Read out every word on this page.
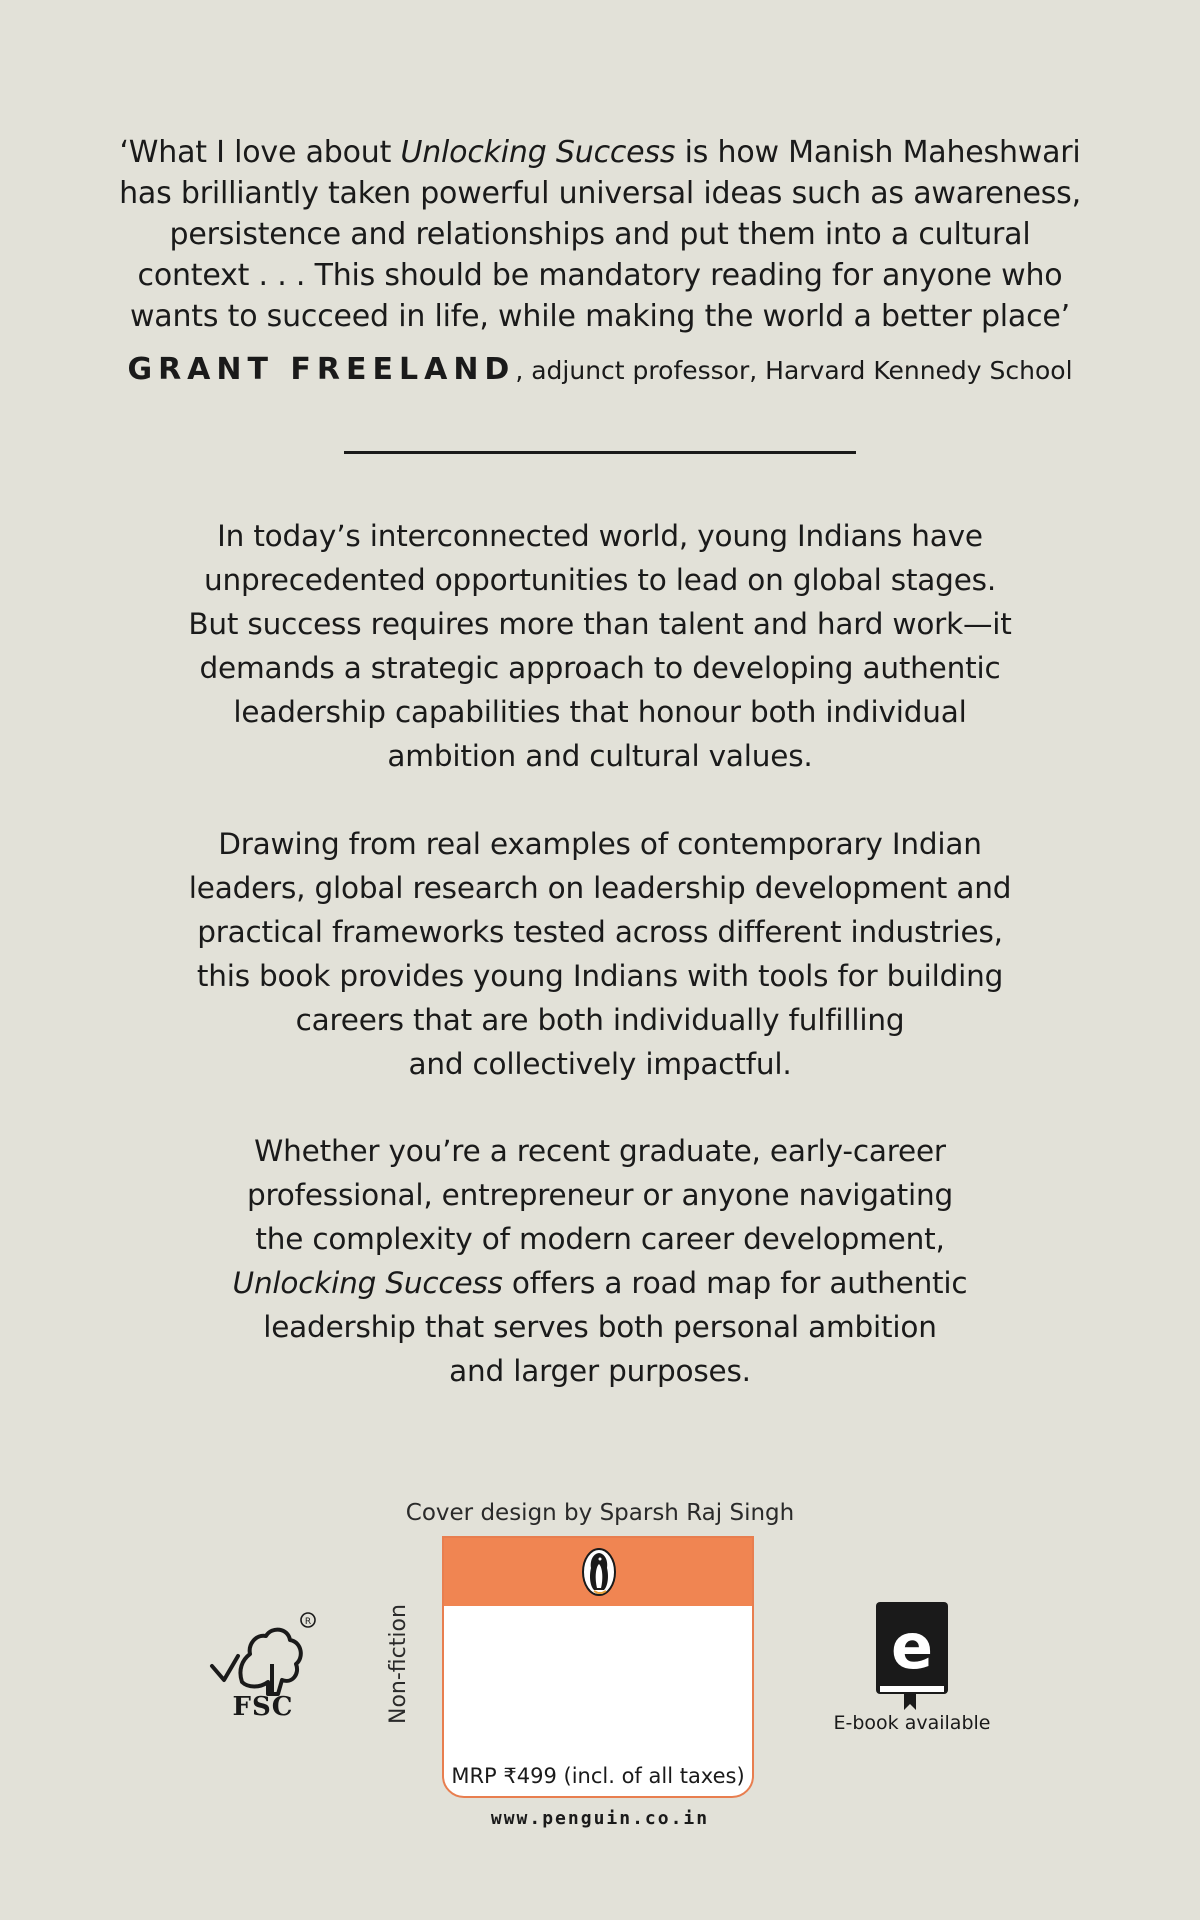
‘What I love about Unlocking Success is how Manish Maheshwari
has brilliantly taken powerful universal ideas such as awareness,
persistence and relationships and put them into a cultural
context . . . This should be mandatory reading for anyone who
wants to succeed in life, while making the world a better place’
GRANT FREELAND, adjunct professor, Harvard Kennedy School
In today’s interconnected world, young Indians have
unprecedented opportunities to lead on global stages.
But success requires more than talent and hard work—it
demands a strategic approach to developing authentic
leadership capabilities that honour both individual
ambition and cultural values.
Drawing from real examples of contemporary Indian
leaders, global research on leadership development and
practical frameworks tested across different industries,
this book provides young Indians with tools for building
careers that are both individually fulfilling
and collectively impactful.
Whether you’re a recent graduate, early-career
professional, entrepreneur or anyone navigating
the complexity of modern career development,
Unlocking Success offers a road map for authentic
leadership that serves both personal ambition
and larger purposes.
Cover design by Sparsh Raj Singh
R
FSC	Non-fiction
MRP ₹499 (incl. of all taxes)
www.penguin.co.in
e
E-book available
